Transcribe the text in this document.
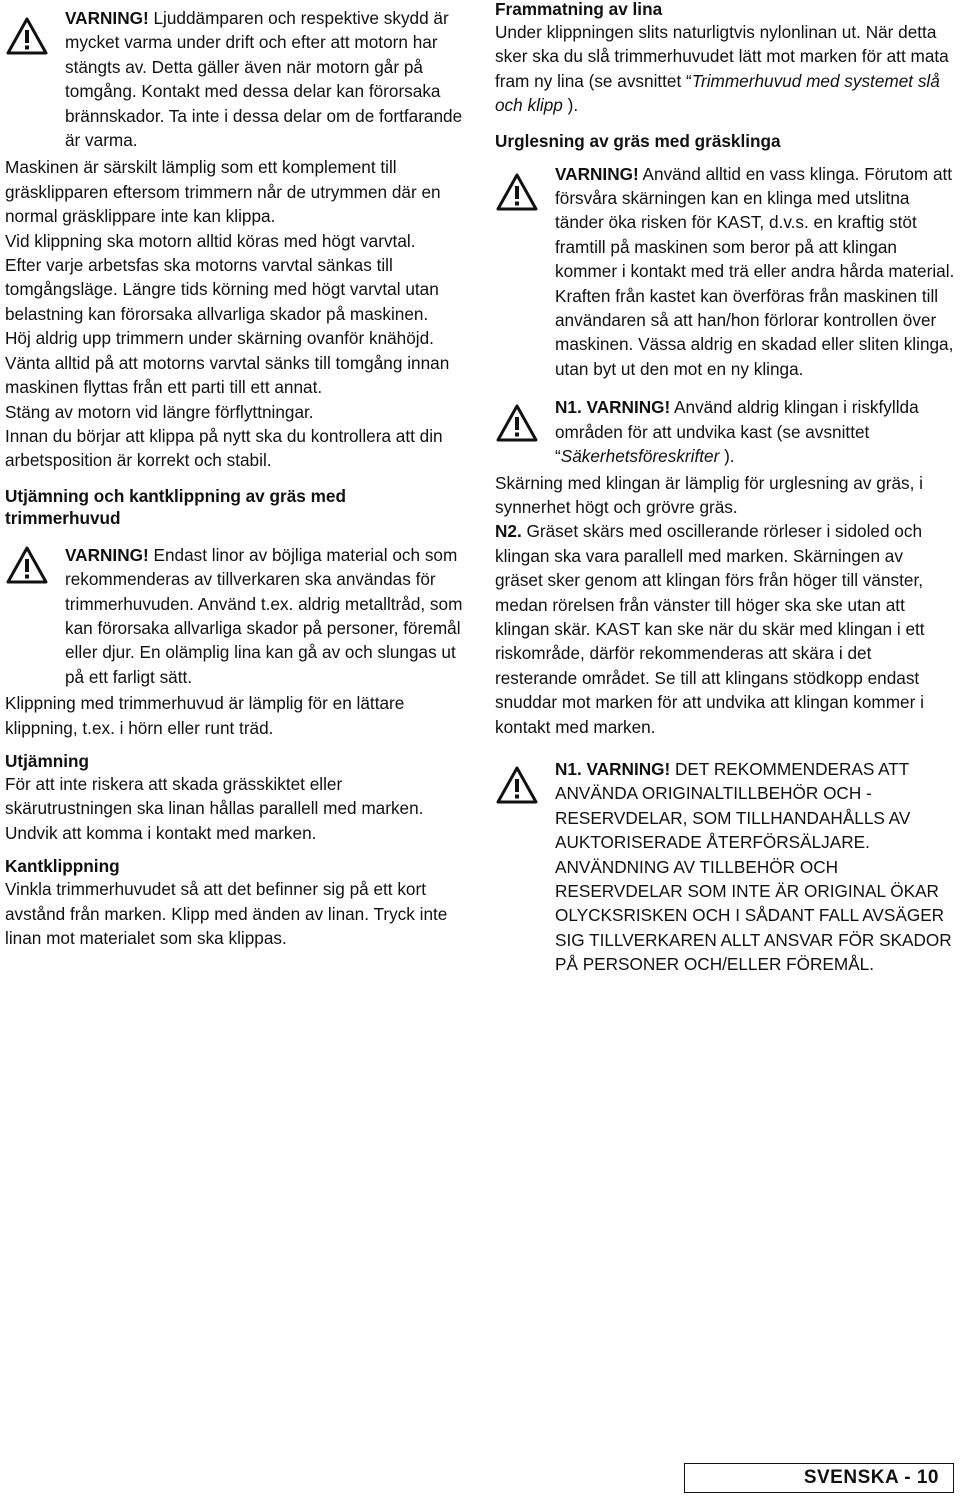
VARNING! Ljuddämparen och respektive skydd är mycket varma under drift och efter att motorn har stängts av. Detta gäller även när motorn går på tomgång. Kontakt med dessa delar kan förorsaka brännskador. Ta inte i dessa delar om de fortfarande är varma.

Maskinen är särskilt lämplig som ett komplement till gräsklipparen eftersom trimmern når de utrymmen där en normal gräsklippare inte kan klippa.

Vid klippning ska motorn alltid köras med högt varvtal.

Efter varje arbetsfas ska motorns varvtal sänkas till tomgångsläge. Längre tids körning med högt varvtal utan belastning kan förorsaka allvarliga skador på maskinen.

Höj aldrig upp trimmern under skärning ovanför knähöjd.

Vänta alltid på att motorns varvtal sänks till tomgång innan maskinen flyttas från ett parti till ett annat.

Stäng av motorn vid längre förflyttningar.

Innan du börjar att klippa på nytt ska du kontrollera att din arbetsposition är korrekt och stabil.

Utjämning och kantklippning av gräs med trimmerhuvud

VARNING! Endast linor av böjliga material och som rekommenderas av tillverkaren ska användas för trimmerhuvuden. Använd t.ex. aldrig metalltråd, som kan förorsaka allvarliga skador på personer, föremål eller djur. En olämplig lina kan gå av och slungas ut på ett farligt sätt.

Klippning med trimmerhuvud är lämplig för en lättare klippning, t.ex. i hörn eller runt träd.

Utjämning

För att inte riskera att skada grässkiktet eller skärutrustningen ska linan hållas parallell med marken. Undvik att komma i kontakt med marken.

Kantklippning

Vinkla trimmerhuvudet så att det befinner sig på ett kort avstånd från marken. Klipp med änden av linan. Tryck inte linan mot materialet som ska klippas.

Frammatning av lina

Under klippningen slits naturligtvis nylonlinan ut. När detta sker ska du slå trimmerhuvudet lätt mot marken för att mata fram ny lina (se avsnittet “Trimmerhuvud med systemet slå och klipp ).

Urglesning av gräs med gräsklinga

VARNING! Använd alltid en vass klinga. Förutom att försvåra skärningen kan en klinga med utslitna tänder öka risken för KAST, d.v.s. en kraftig stöt framtill på maskinen som beror på att klingan kommer i kontakt med trä eller andra hårda material. Kraften från kastet kan överföras från maskinen till användaren så att han/hon förlorar kontrollen över maskinen. Vässa aldrig en skadad eller sliten klinga, utan byt ut den mot en ny klinga.

N1. VARNING! Använd aldrig klingan i riskfyllda områden för att undvika kast (se avsnittet “Säkerhetsföreskrifter ).

Skärning med klingan är lämplig för urglesning av gräs, i synnerhet högt och grövre gräs.

N2. Gräset skärs med oscillerande rörleser i sidoled och klingan ska vara parallell med marken. Skärningen av gräset sker genom att klingan förs från höger till vänster, medan rörelsen från vänster till höger ska ske utan att klingan skär. KAST kan ske när du skär med klingan i ett riskområde, därför rekommenderas att skära i det resterande området. Se till att klingans stödkopp endast snuddar mot marken för att undvika att klingan kommer i kontakt med marken.

N1. VARNING! DET REKOMMENDERAS ATT ANVÄNDA ORIGINALTILLBEHÖR OCH - RESERVDELAR, SOM TILLHANDAHÅLLS AV AUKTORISERADE ÅTERFÖRSÄLJARE. ANVÄNDNING AV TILLBEHÖR OCH RESERVDELAR SOM INTE ÄR ORIGINAL ÖKAR OLYCKSRISKEN OCH I SÅDANT FALL AVSÄGER SIG TILLVERKAREN ALLT ANSVAR FÖR SKADOR PÅ PERSONER OCH/ELLER FÖREMÅL.

SVENSKA - 10
